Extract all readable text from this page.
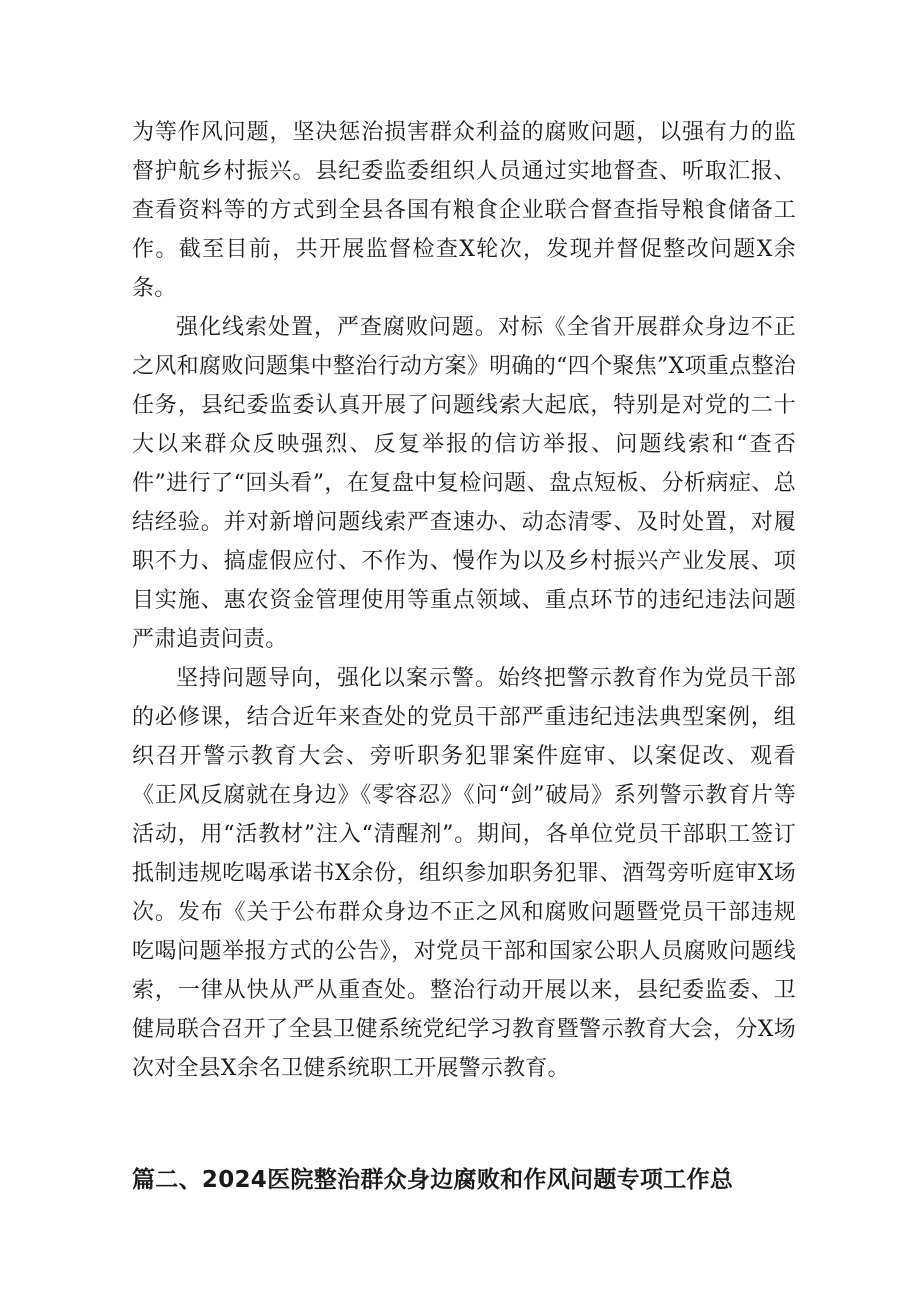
为等作风问题，坚决惩治损害群众利益的腐败问题，以强有力的监督护航乡村振兴。县纪委监委组织人员通过实地督查、听取汇报、查看资料等的方式到全县各国有粮食企业联合督查指导粮食储备工作。截至目前，共开展监督检查X轮次，发现并督促整改问题X余条。

强化线索处置，严查腐败问题。对标《全省开展群众身边不正之风和腐败问题集中整治行动方案》明确的“四个聚焦”X项重点整治任务，县纪委监委认真开展了问题线索大起底，特别是对党的二十大以来群众反映强烈、反复举报的信访举报、问题线索和“查否件”进行了“回头看”，在复盘中复检问题、盘点短板、分析病症、总结经验。并对新增问题线索严查速办、动态清零、及时处置，对履职不力、搞虚假应付、不作为、慢作为以及乡村振兴产业发展、项目实施、惠农资金管理使用等重点领域、重点环节的违纪违法问题严肃追责问责。

坚持问题导向，强化以案示警。始终把警示教育作为党员干部的必修课，结合近年来查处的党员干部严重违纪违法典型案例，组织召开警示教育大会、旁听职务犯罪案件庭审、以案促改、观看《正风反腐就在身边》《零容忍》《问“剑”破局》系列警示教育片等活动，用“活教材”注入“清醒剂”。期间，各单位党员干部职工签订抵制违规吃喝承诺书X余份，组织参加职务犯罪、酒驾旁听庭审X场次。发布《关于公布群众身边不正之风和腐败问题暨党员干部违规吃喝问题举报方式的公告》，对党员干部和国家公职人员腐败问题线索，一律从快从严从重查处。整治行动开展以来，县纪委监委、卫健局联合召开了全县卫健系统党纪学习教育暨警示教育大会，分X场次对全县X余名卫健系统职工开展警示教育。

篇二、2024医院整治群众身边腐败和作风问题专项工作总
